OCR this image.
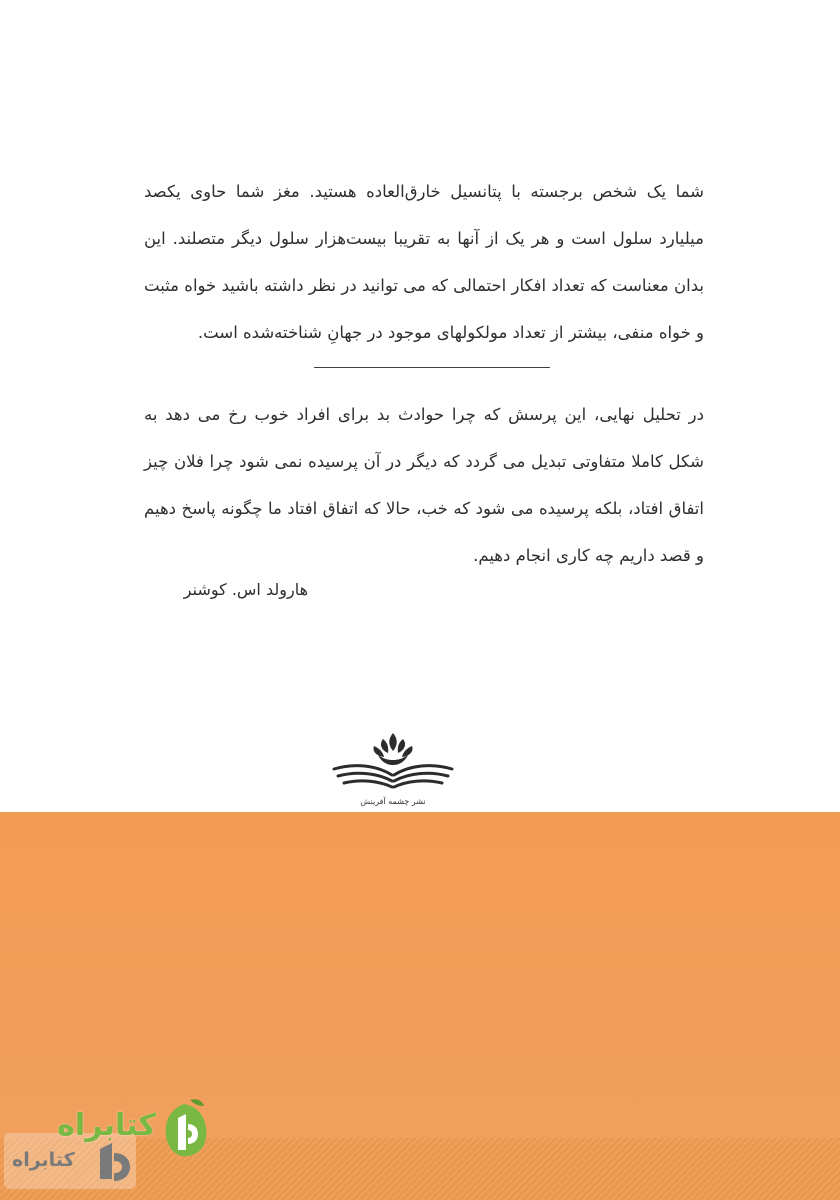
شما یک شخص برجسته با پتانسیل خارق‌العاده هستید. مغز شما حاوی یکصد میلیارد سلول است و هر یک از آنها به تقریبا بیست‌هزار سلول دیگر متصلند. این بدان معناست که تعداد افکار احتمالی که می توانید در نظر داشته باشید خواه مثبت و خواه منفی، بیشتر از تعداد مولکولهای موجود در جهانِ شناخته‌شده است.

در تحلیل نهایی، این پرسش که چرا حوادث بد برای افراد خوب رخ می دهد به شکل کاملا متفاوتی تبدیل می گردد که دیگر در آن پرسیده نمی شود چرا فلان چیز اتفاق افتاد، بلکه پرسیده می شود که خب، حالا که اتفاق افتاد ما چگونه پاسخ دهیم و قصد داریم چه کاری انجام دهیم.

هارولد اس. کوشنر
نشر چشمه آفرینش
کتابراه
کتابراه
